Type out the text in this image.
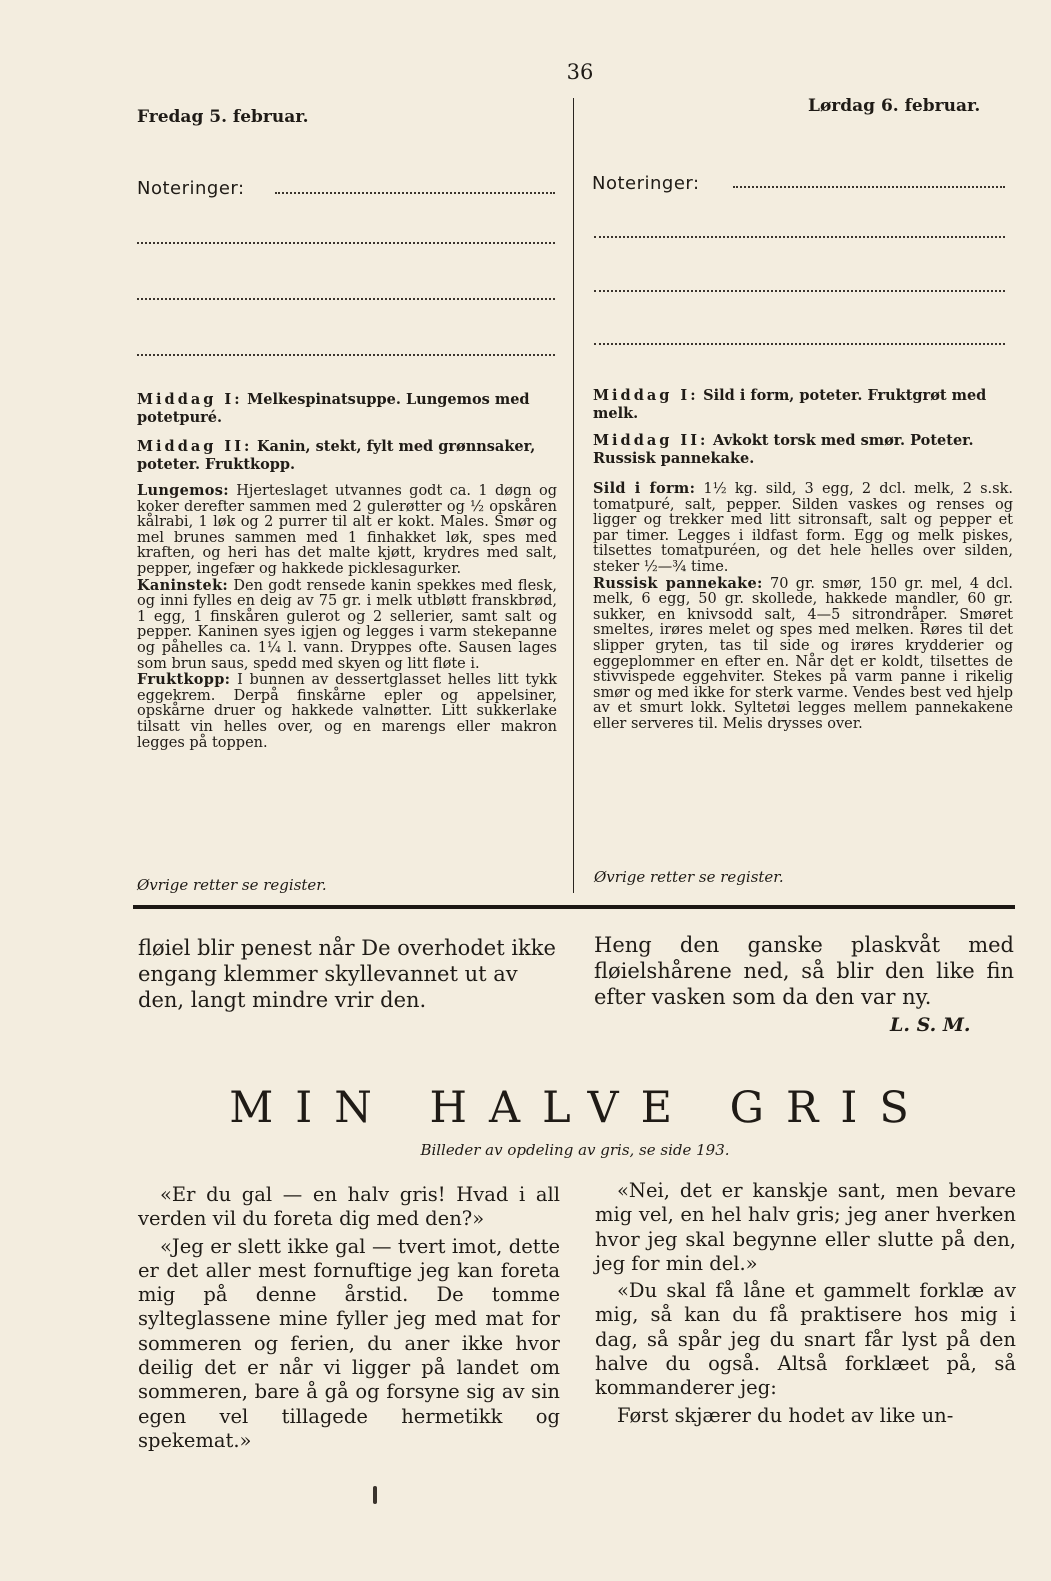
36
Fredag 5. februar.
Noteringer:
Middag I: Melkespinatsuppe. Lungemos med potetpuré.
Middag II: Kanin, stekt, fylt med grønnsaker, poteter. Fruktkopp.

Lungemos: Hjerteslaget utvannes godt ca. 1 døgn og koker derefter sammen med 2 gulerøtter og ½ opskåren kålrabi, 1 løk og 2 purrer til alt er kokt. Males. Smør og mel brunes sammen med 1 finhakket løk, spes med kraften, og heri has det malte kjøtt, krydres med salt, pepper, ingefær og hakkede picklesagurker.

Kaninstek: Den godt rensede kanin spekkes med flesk, og inni fylles en deig av 75 gr. i melk utbløtt franskbrød, 1 egg, 1 finskåren gulerot og 2 sellerier, samt salt og pepper. Kaninen syes igjen og legges i varm stekepanne og påhelles ca. 1¼ l. vann. Dryppes ofte. Sausen lages som brun saus, spedd med skyen og litt fløte i.

Fruktkopp: I bunnen av dessertglasset helles litt tykk eggekrem. Derpå finskårne epler og appelsiner, opskårne druer og hakkede valnøtter. Litt sukkerlake tilsatt vin helles over, og en marengs eller makron legges på toppen.

Øvrige retter se register.
Lørdag 6. februar.
Noteringer:
Middag I: Sild i form, poteter. Fruktgrøt med melk.
Middag II: Avkokt torsk med smør. Poteter. Russisk pannekake.

Sild i form: 1½ kg. sild, 3 egg, 2 dcl. melk, 2 s.sk. tomatpuré, salt, pepper. Silden vaskes og renses og ligger og trekker med litt sitronsaft, salt og pepper et par timer. Legges i ildfast form. Egg og melk piskes, tilsettes tomatpuréen, og det hele helles over silden, steker ½—¾ time.

Russisk pannekake: 70 gr. smør, 150 gr. mel, 4 dcl. melk, 6 egg, 50 gr. skollede, hakkede mandler, 60 gr. sukker, en knivsodd salt, 4—5 sitrondråper. Smøret smeltes, irøres melet og spes med melken. Røres til det slipper gryten, tas til side og irøres krydderier og eggeplommer en efter en. Når det er koldt, tilsettes de stivvispede eggehviter. Stekes på varm panne i rikelig smør og med ikke for sterk varme. Vendes best ved hjelp av et smurt lokk. Syltetøi legges mellem pannekakene eller serveres til. Melis drysses over.

Øvrige retter se register.
fløiel blir penest når De overhodet ikke engang klemmer skyllevannet ut av den, langt mindre vrir den.
Heng den ganske plaskvåt med fløielshårene ned, så blir den like fin efter vasken som da den var ny.
L. S. M.
MIN HALVE GRIS
Billeder av opdeling av gris, se side 193.

«Er du gal — en halv gris! Hvad i all verden vil du foreta dig med den?»

«Jeg er slett ikke gal — tvert imot, dette er det aller mest fornuftige jeg kan foreta mig på denne årstid. De tomme sylteglassene mine fyller jeg med mat for sommeren og ferien, du aner ikke hvor deilig det er når vi ligger på landet om sommeren, bare å gå og forsyne sig av sin egen vel tillagede hermetikk og spekemat.»

«Nei, det er kanskje sant, men bevare mig vel, en hel halv gris; jeg aner hverken hvor jeg skal begynne eller slutte på den, jeg for min del.»

«Du skal få låne et gammelt forklæ av mig, så kan du få praktisere hos mig i dag, så spår jeg du snart får lyst på den halve du også. Altså forklæet på, så kommanderer jeg:

Først skjærer du hodet av like un-
